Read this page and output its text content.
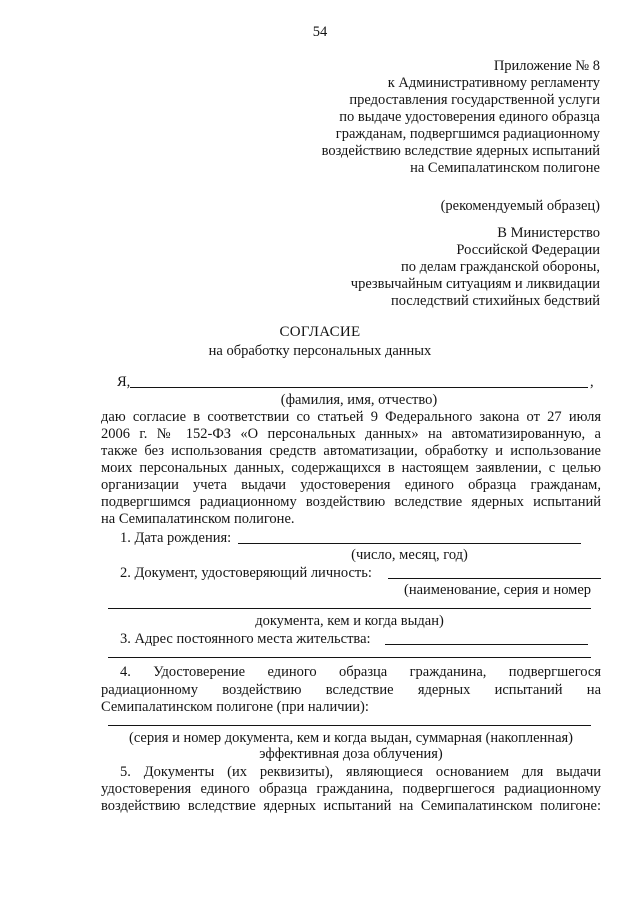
54
Приложение № 8
к Административному регламенту
предоставления государственной услуги
по выдаче удостоверения единого образца
гражданам, подвергшимся радиационному
воздействию вследствие ядерных испытаний
на Семипалатинском полигоне
(рекомендуемый образец)
В Министерство
Российской Федерации
по делам гражданской обороны,
чрезвычайным ситуациям и ликвидации
последствий стихийных бедствий
СОГЛАСИЕ
на обработку персональных данных
Я,	,
(фамилия, имя, отчество)
даю согласие в соответствии со статьей 9 Федерального закона от 27 июля
2006 г. № 152-ФЗ «О персональных данных» на автоматизированную, а
также без использования средств автоматизации, обработку и использование
моих персональных данных, содержащихся в настоящем заявлении, с целью
организации учета выдачи удостоверения единого образца гражданам,
подвергшимся радиационному воздействию вследствие ядерных испытаний
на Семипалатинском полигоне.
1. Дата рождения:
(число, месяц, год)
2. Документ, удостоверяющий личность:
(наименование, серия и номер
документа, кем и когда выдан)
3. Адрес постоянного места жительства:
4. Удостоверение единого образца гражданина, подвергшегося
радиационному воздействию вследствие ядерных испытаний на
Семипалатинском полигоне (при наличии):
(серия и номер документа, кем и когда выдан, суммарная (накопленная)
эффективная доза облучения)
5. Документы (их реквизиты), являющиеся основанием для выдачи
удостоверения единого образца гражданина, подвергшегося радиационному
воздействию вследствие ядерных испытаний на Семипалатинском полигоне:
